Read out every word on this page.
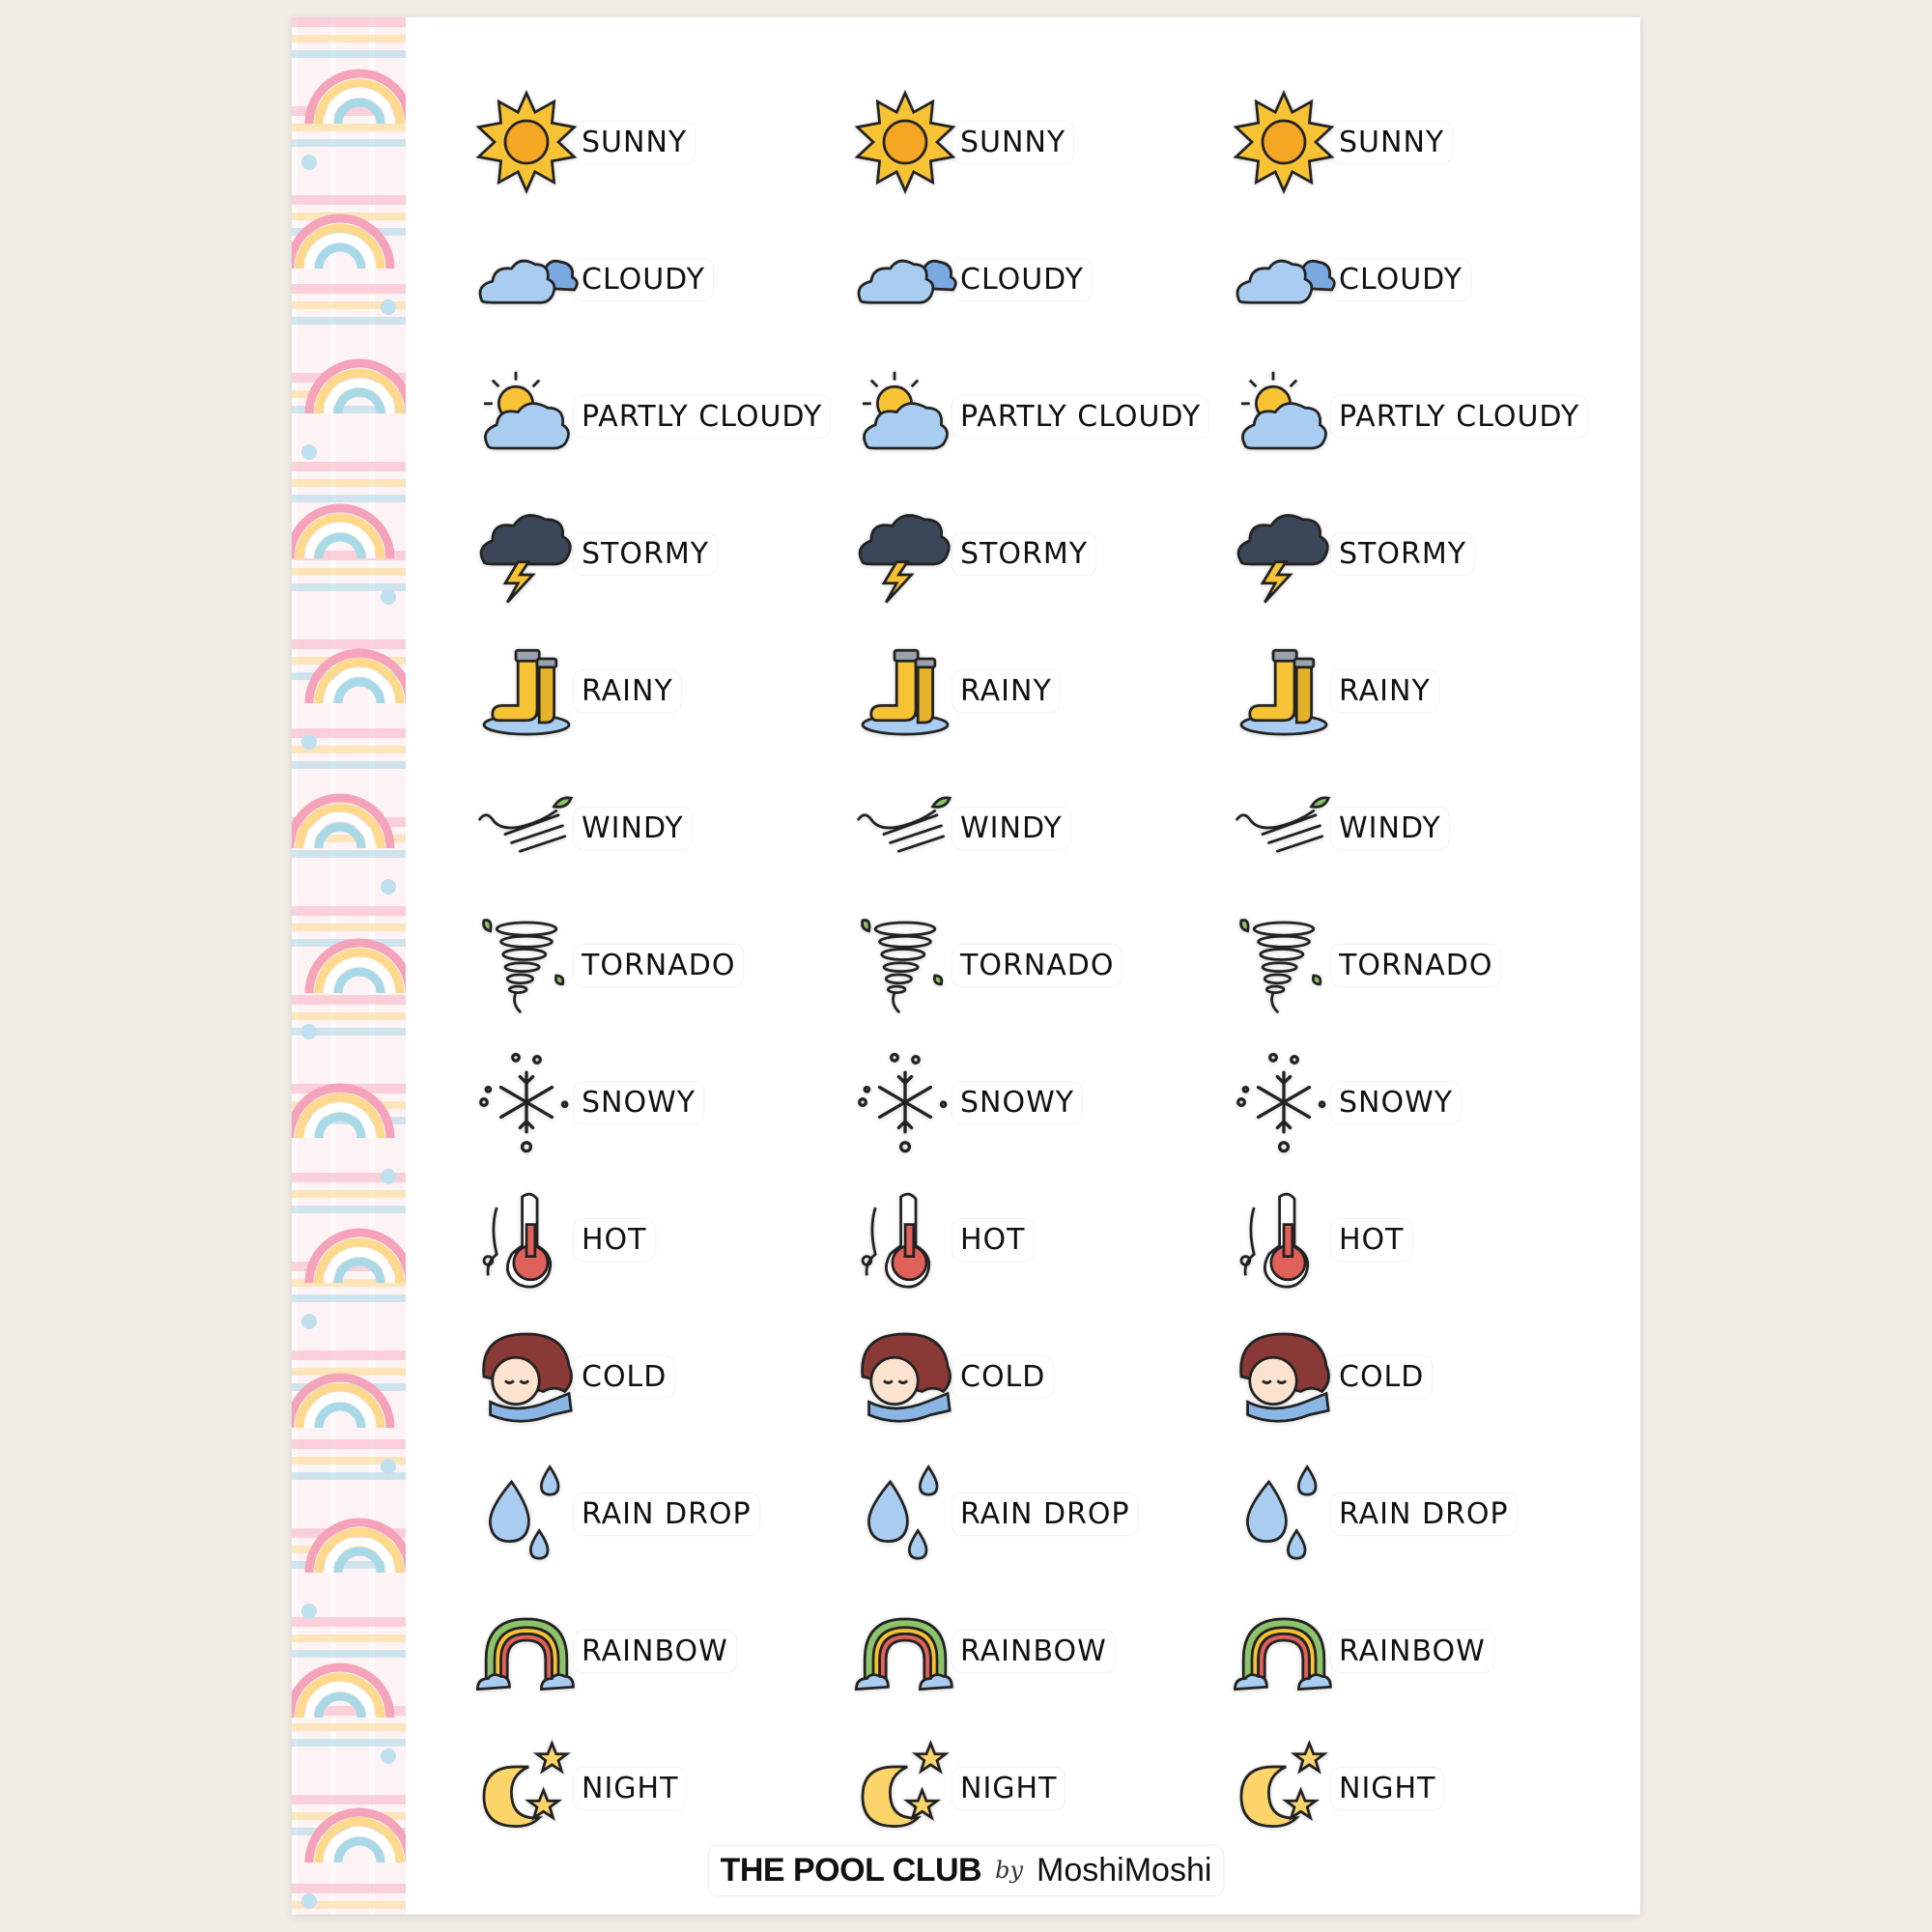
SUNNY	SUNNY	SUNNY
CLOUDY	CLOUDY	CLOUDY
PARTLY CLOUDY	PARTLY CLOUDY	PARTLY CLOUDY
STORMY	STORMY	STORMY
RAINY	RAINY	RAINY
WINDY	WINDY	WINDY
TORNADO	TORNADO	TORNADO
SNOWY	SNOWY	SNOWY
HOT	HOT	HOT
COLD	COLD	COLD
RAIN DROP	RAIN DROP	RAIN DROP
RAINBOW	RAINBOW	RAINBOW
NIGHT	NIGHT	NIGHT
THE POOL CLUB by MoshiMoshi
